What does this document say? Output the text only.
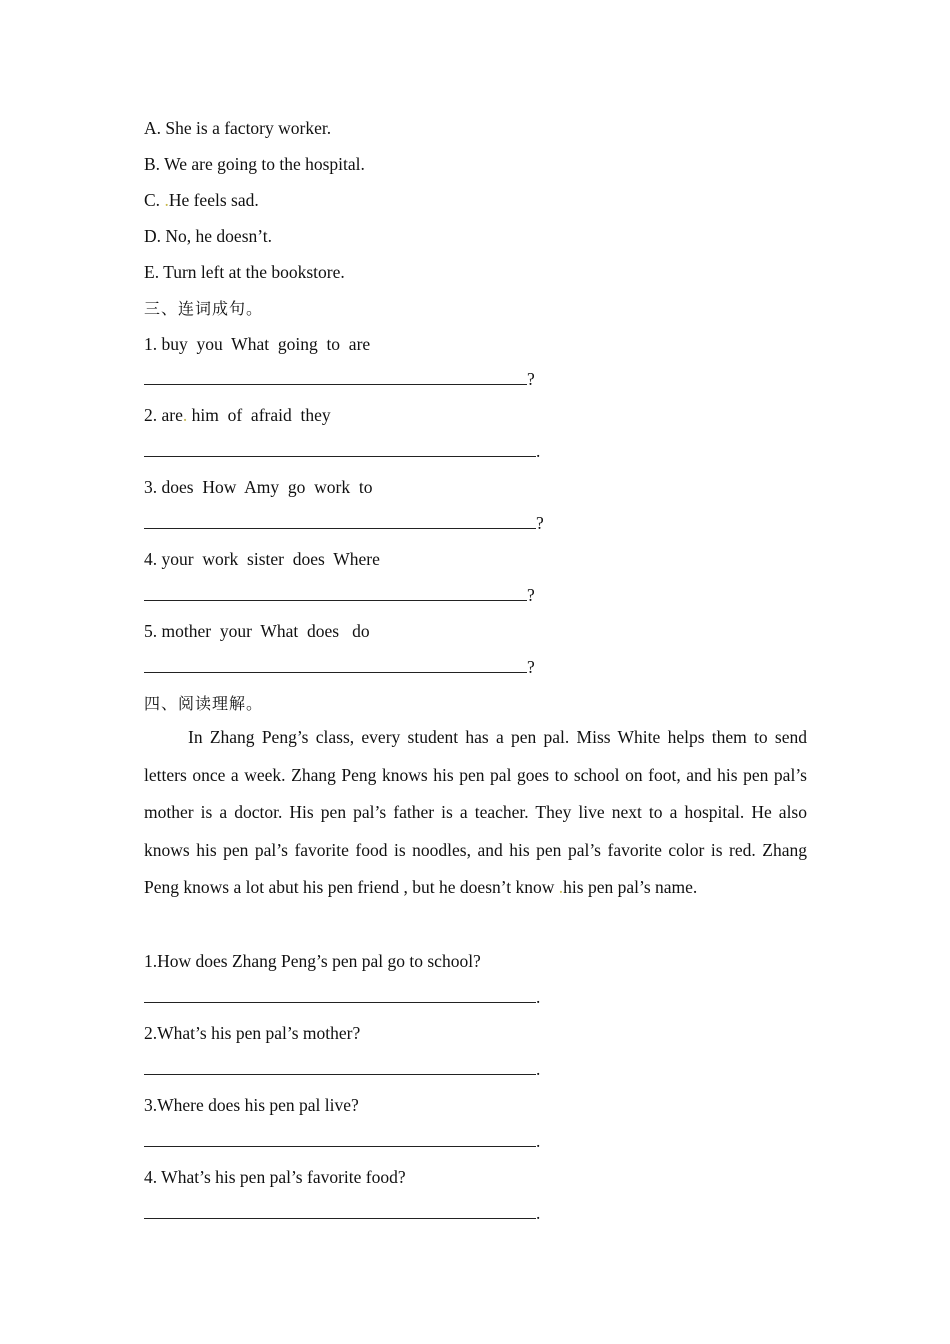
A. She is a factory worker.
B. We are going to the hospital.
C. .He feels sad.
D. No, he doesn’t.
E. Turn left at the bookstore.
三、连词成句。
1. buy  you  What  going  to  are
?
2. are. him  of  afraid  they
.
3. does  How  Amy  go  work  to
?
4. your  work  sister  does  Where
?
5. mother  your  What  does   do
?
四、阅读理解。
In Zhang Peng’s class, every student has a pen pal. Miss White helps them to send letters once a week. Zhang Peng knows his pen pal goes to school on foot, and his pen pal’s mother is a doctor. His pen pal’s father is a teacher. They live next to a hospital. He also knows his pen pal’s favorite food is noodles, and his pen pal’s favorite color is red. Zhang Peng knows a lot abut his pen friend , but he doesn’t know .his pen pal’s name.
1.How does Zhang Peng’s pen pal go to school?
.
2.What’s his pen pal’s mother?
.
3.Where does his pen pal live?
.
4. What’s his pen pal’s favorite food?
.
